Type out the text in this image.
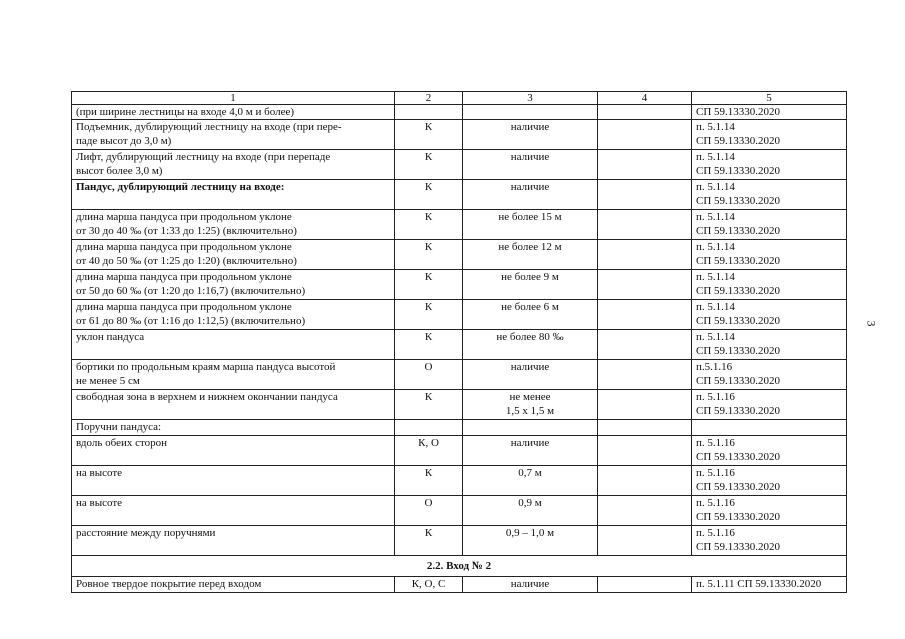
1	2	3	4	5

(при ширине лестницы на входе 4,0 м и более)				СП 59.13330.2020

Подъемник, дублирующий лестницу на входе (при пере-
паде высот до 3,0 м)	К	наличие		п. 5.1.14
СП 59.13330.2020

Лифт, дублирующий лестницу на входе (при перепаде
высот более 3,0 м)	К	наличие		п. 5.1.14
СП 59.13330.2020

Пандус, дублирующий лестницу на входе:	К	наличие		п. 5.1.14
СП 59.13330.2020

длина марша пандуса при продольном уклоне
от 30 до 40 ‰ (от 1:33 до 1:25) (включительно)	К	не более 15 м		п. 5.1.14
СП 59.13330.2020

длина марша пандуса при продольном уклоне
от 40 до 50 ‰ (от 1:25 до 1:20) (включительно)	К	не более 12 м		п. 5.1.14
СП 59.13330.2020

длина марша пандуса при продольном уклоне
от 50 до 60 ‰ (от 1:20 до 1:16,7) (включительно)	К	не более 9 м		п. 5.1.14
СП 59.13330.2020

длина марша пандуса при продольном уклоне
от 61 до 80 ‰ (от 1:16 до 1:12,5) (включительно)	К	не более 6 м		п. 5.1.14
СП 59.13330.2020

уклон пандуса	К	не более 80 ‰		п. 5.1.14
СП 59.13330.2020

бортики по продольным краям марша пандуса высотой
не менее 5 см	О	наличие		п.5.1.16
СП 59.13330.2020

свободная зона в верхнем и нижнем окончании пандуса	К	не менее
1,5 х 1,5 м		п. 5.1.16
СП 59.13330.2020

Поручни пандуса:				

вдоль обеих сторон	К, О	наличие		п. 5.1.16
СП 59.13330.2020

на высоте	К	0,7 м		п. 5.1.16
СП 59.13330.2020

на высоте	О	0,9 м		п. 5.1.16
СП 59.13330.2020

расстояние между поручнями	К	0,9 – 1,0 м		п. 5.1.16
СП 59.13330.2020

2.2. Вход № 2				
Ровное твердое покрытие перед входом	К, О, С	наличие		п. 5.1.11 СП 59.13330.2020
3
